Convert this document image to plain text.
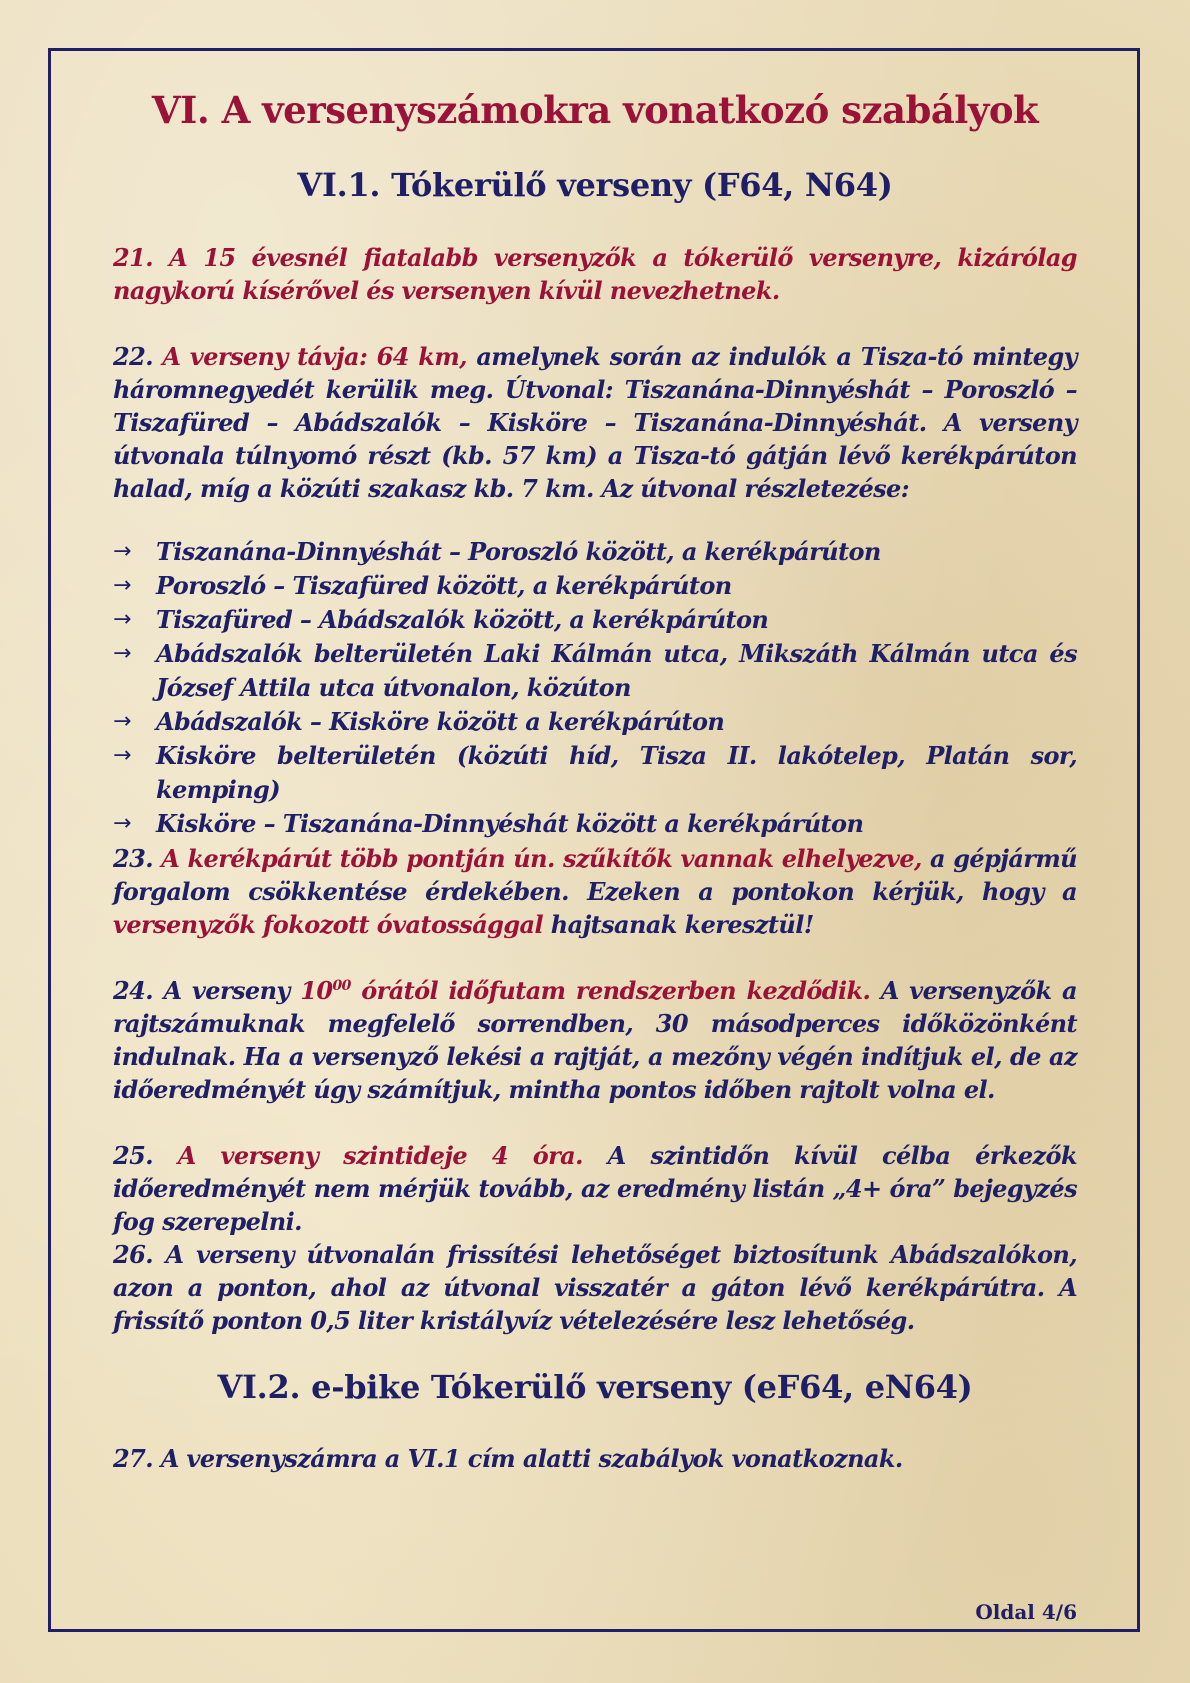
VI. A versenyszámokra vonatkozó szabályok
VI.1. Tókerülő verseny (F64, N64)

21. A 15 évesnél fiatalabb versenyzők a tókerülő versenyre, kizárólag nagykorú kísérővel és versenyen kívül nevezhetnek.

22. A verseny távja: 64 km, amelynek során az indulók a Tisza-tó mintegy háromnegyedét kerülik meg. Útvonal: Tiszanána-Dinnyéshát – Poroszló – Tiszafüred – Abádszalók – Kisköre – Tiszanána-Dinnyéshát. A verseny útvonala túlnyomó részt (kb. 57 km) a Tisza-tó gátján lévő kerékpárúton halad, míg a közúti szakasz kb. 7 km. Az útvonal részletezése:

→ Tiszanána-Dinnyéshát – Poroszló között, a kerékpárúton
→ Poroszló – Tiszafüred között, a kerékpárúton
→ Tiszafüred – Abádszalók között, a kerékpárúton
→ Abádszalók belterületén Laki Kálmán utca, Mikszáth Kálmán utca és József Attila utca útvonalon, közúton
→ Abádszalók – Kisköre között a kerékpárúton
→ Kisköre belterületén (közúti híd, Tisza II. lakótelep, Platán sor, kemping)
→ Kisköre – Tiszanána-Dinnyéshát között a kerékpárúton

23. A kerékpárút több pontján ún. szűkítők vannak elhelyezve, a gépjármű forgalom csökkentése érdekében. Ezeken a pontokon kérjük, hogy a versenyzők fokozott óvatossággal hajtsanak keresztül!

24. A verseny $10^{00}$ órától időfutam rendszerben kezdődik. A versenyzők a rajtszámuknak megfelelő sorrendben, 30 másodperces időközönként indulnak. Ha a versenyző lekési a rajtját, a mezőny végén indítjuk el, de az időeredményét úgy számítjuk, mintha pontos időben rajtolt volna el.

25. A verseny szintideje 4 óra. A szintidőn kívül célba érkezők időeredményét nem mérjük tovább, az eredmény listán „4+ óra” bejegyzés fog szerepelni.

26. A verseny útvonalán frissítési lehetőséget biztosítunk Abádszalókon, azon a ponton, ahol az útvonal visszatér a gáton lévő kerékpárútra. A frissítő ponton 0,5 liter kristályvíz vételezésére lesz lehetőség.

VI.2. e-bike Tókerülő verseny (eF64, eN64)

27. A versenyszámra a VI.1 cím alatti szabályok vonatkoznak.

Oldal 4/6
